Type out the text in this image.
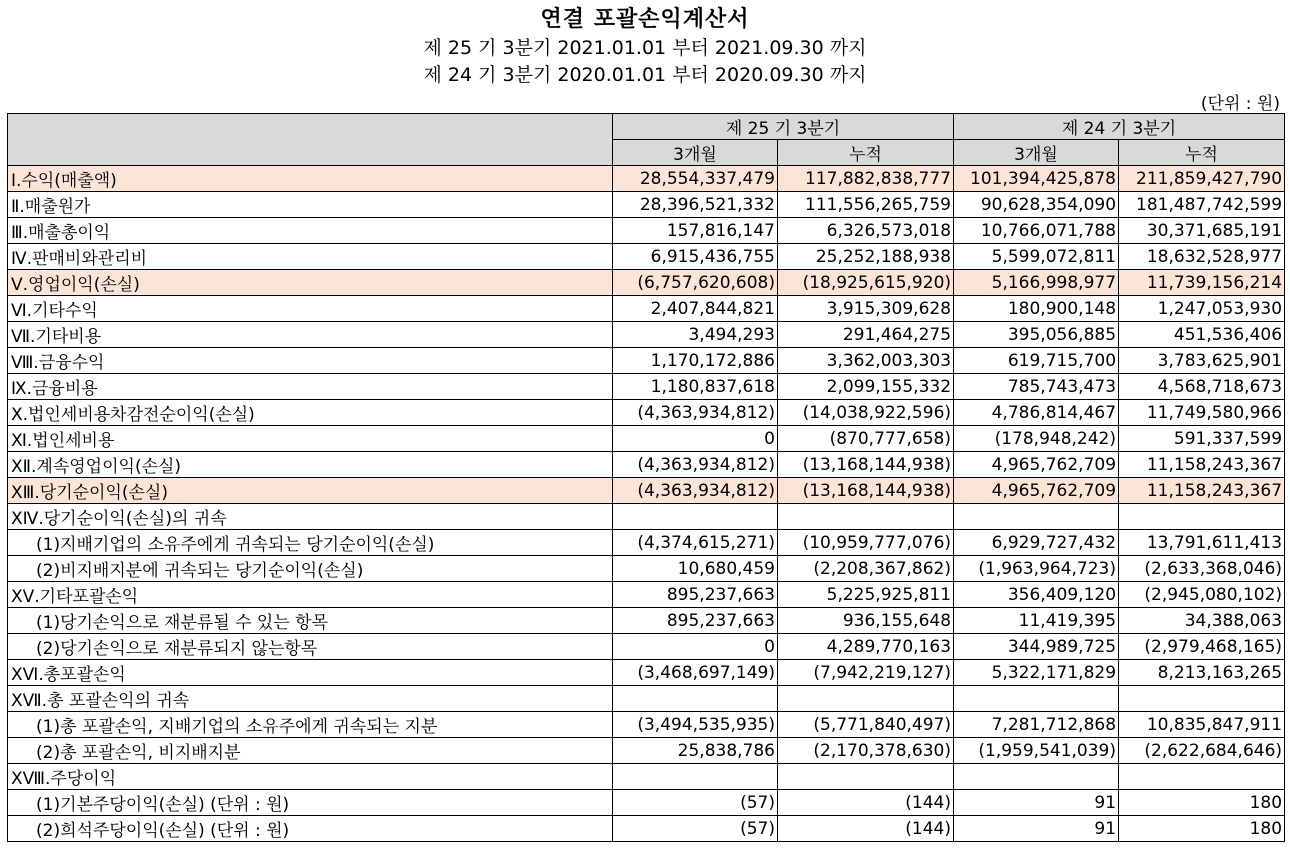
연결 포괄손익계산서
제 25 기 3분기 2021.01.01 부터 2021.09.30 까지
제 24 기 3분기 2020.01.01 부터 2020.09.30 까지
(단위 : 원)
	제 25 기 3분기		제 24 기 3분기	
	3개월	누적	3개월	누적
Ⅰ.수익(매출액)	28,554,337,479	117,882,838,777	101,394,425,878	211,859,427,790
Ⅱ.매출원가	28,396,521,332	111,556,265,759	90,628,354,090	181,487,742,599
Ⅲ.매출총이익	157,816,147	6,326,573,018	10,766,071,788	30,371,685,191
Ⅳ.판매비와관리비	6,915,436,755	25,252,188,938	5,599,072,811	18,632,528,977
Ⅴ.영업이익(손실)	(6,757,620,608)	(18,925,615,920)	5,166,998,977	11,739,156,214
Ⅵ.기타수익	2,407,844,821	3,915,309,628	180,900,148	1,247,053,930
Ⅶ.기타비용	3,494,293	291,464,275	395,056,885	451,536,406
Ⅷ.금융수익	1,170,172,886	3,362,003,303	619,715,700	3,783,625,901
Ⅸ.금융비용	1,180,837,618	2,099,155,332	785,743,473	4,568,718,673
Ⅹ.법인세비용차감전순이익(손실)	(4,363,934,812)	(14,038,922,596)	4,786,814,467	11,749,580,966
Ⅺ.법인세비용	0	(870,777,658)	(178,948,242)	591,337,599
ⅩⅡ.계속영업이익(손실)	(4,363,934,812)	(13,168,144,938)	4,965,762,709	11,158,243,367
ⅩⅢ.당기순이익(손실)	(4,363,934,812)	(13,168,144,938)	4,965,762,709	11,158,243,367
ⅩⅣ.당기순이익(손실)의 귀속				
(1)지배기업의 소유주에게 귀속되는 당기순이익(손실)	(4,374,615,271)	(10,959,777,076)	6,929,727,432	13,791,611,413
(2)비지배지분에 귀속되는 당기순이익(손실)	10,680,459	(2,208,367,862)	(1,963,964,723)	(2,633,368,046)
ⅩⅤ.기타포괄손익	895,237,663	5,225,925,811	356,409,120	(2,945,080,102)
(1)당기손익으로 재분류될 수 있는 항목	895,237,663	936,155,648	11,419,395	34,388,063
(2)당기손익으로 재분류되지 않는항목	0	4,289,770,163	344,989,725	(2,979,468,165)
ⅩⅥ.총포괄손익	(3,468,697,149)	(7,942,219,127)	5,322,171,829	8,213,163,265
ⅩⅦ.총 포괄손익의 귀속				
(1)총 포괄손익, 지배기업의 소유주에게 귀속되는 지분	(3,494,535,935)	(5,771,840,497)	7,281,712,868	10,835,847,911
(2)총 포괄손익, 비지배지분	25,838,786	(2,170,378,630)	(1,959,541,039)	(2,622,684,646)
ⅩⅧ.주당이익				
(1)기본주당이익(손실) (단위 : 원)	(57)	(144)	91	180
(2)희석주당이익(손실) (단위 : 원)	(57)	(144)	91	180
